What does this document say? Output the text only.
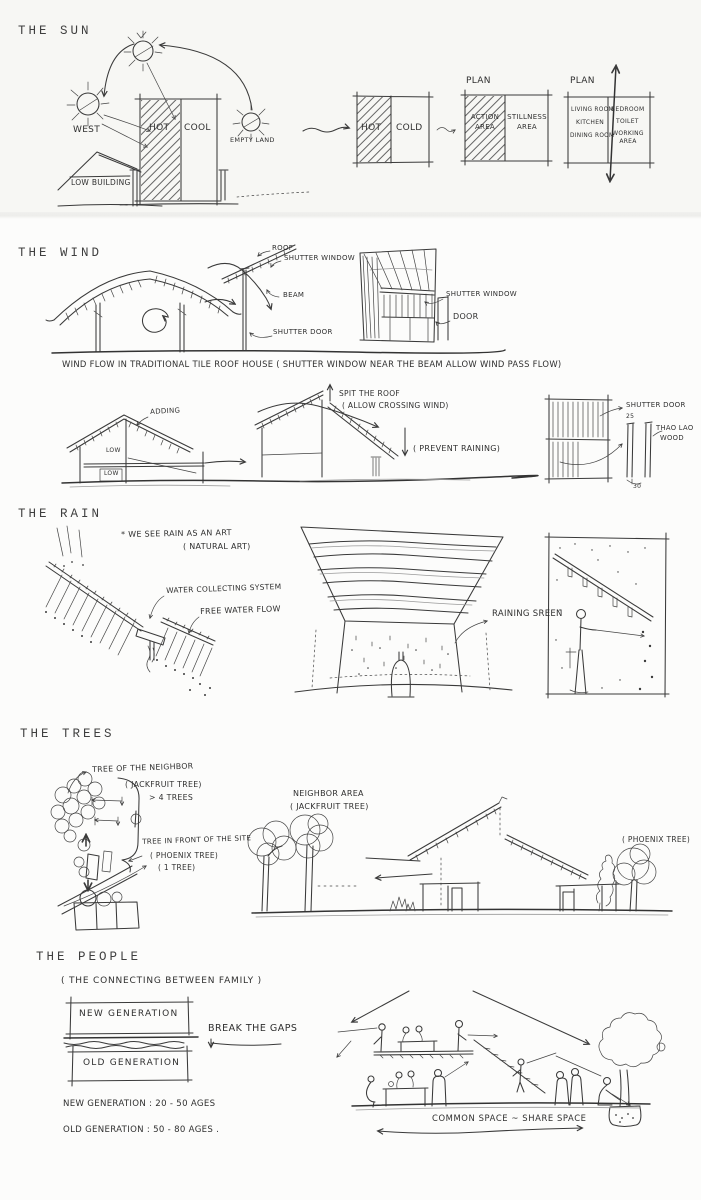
THE SUN
WEST	HOT COOL
EMPTY LAND
LOW BUILDING
HOT COLD
PLAN
ACTION AREA
STILLNESS AREA
PLAN
LIVING ROOM
KITCHEN
DINING ROOM
BEDROOM
TOILET
WORKING AREA
THE WIND	ROOF
SHUTTER WINDOW
BEAM
SHUTTER DOOR
SHUTTER WINDOW
DOOR
WIND FLOW IN TRADITIONAL TILE ROOF HOUSE ( SHUTTER WINDOW NEAR THE BEAM ALLOW WIND PASS FLOW)
ADDING
LOW
LOW
SPIT THE ROOF
( ALLOW CROSSING WIND)
( PREVENT RAINING)
SHUTTER DOOR
25
THAO LAO
WOOD
30
THE RAIN
* WE SEE RAIN AS AN ART
( NATURAL ART)
WATER COLLECTING SYSTEM
FREE WATER FLOW	RAINING SREEN
THE TREES
TREE OF THE NEIGHBOR
( JACKFRUIT TREE)
> 4 TREES
TREE IN FRONT OF THE SITE
( PHOENIX TREE)
( 1 TREE)
NEIGHBOR AREA
( JACKFRUIT TREE)
( PHOENIX TREE)
THE PEOPLE
( THE CONNECTING BETWEEN FAMILY )
NEW GENERATION
OLD GENERATION
BREAK THE GAPS
NEW GENERATION : 20 - 50 AGES
OLD GENERATION : 50 - 80 AGES .
COMMON SPACE ~ SHARE SPACE
